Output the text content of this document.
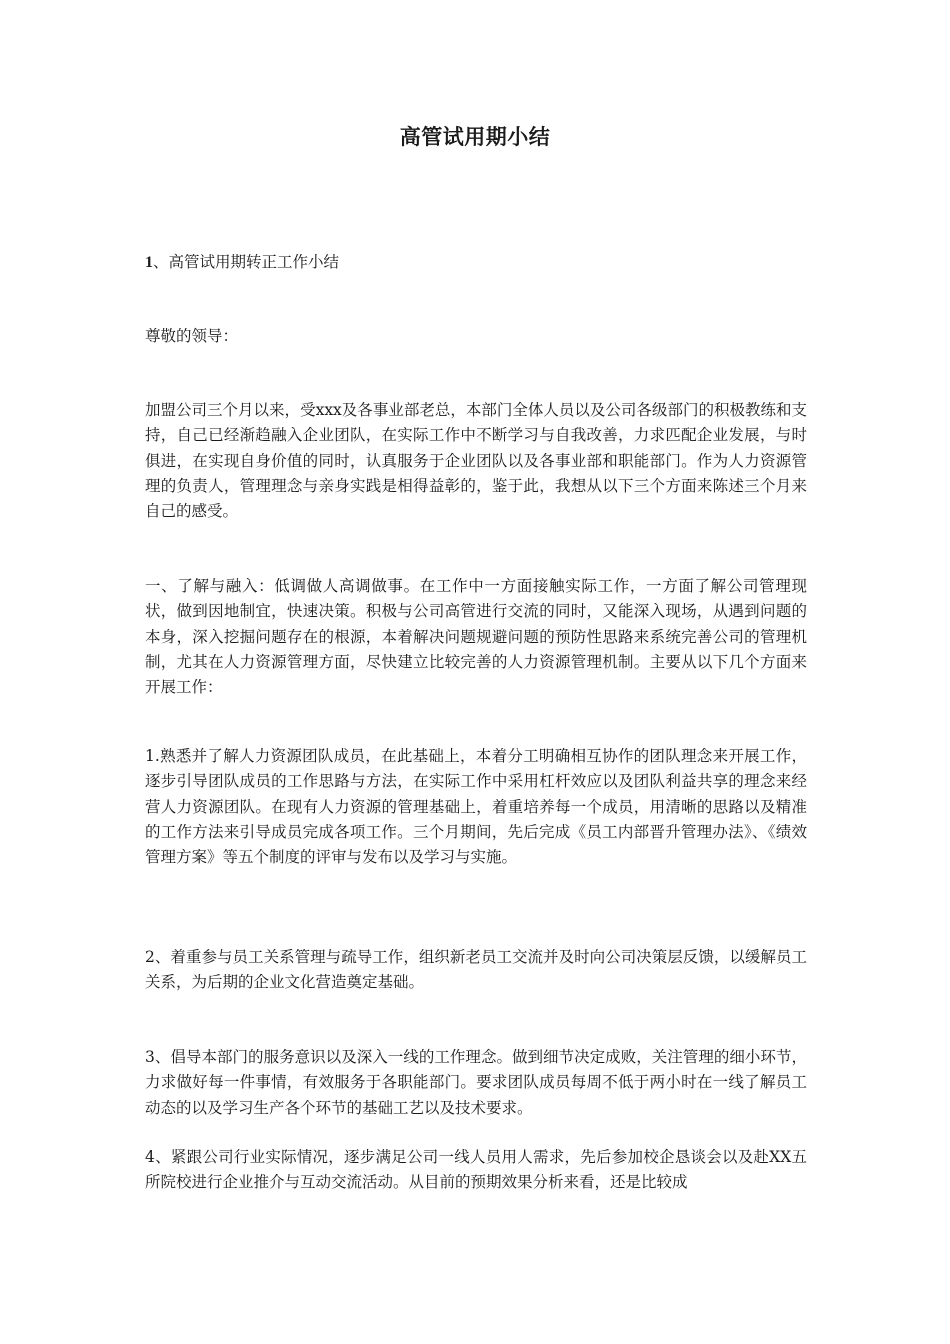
高管试用期小结
1、高管试用期转正工作小结
尊敬的领导：
加盟公司三个月以来，受xxx及各事业部老总，本部门全体人员以及公司各级部门的积极教练和支持，自己已经渐趋融入企业团队，在实际工作中不断学习与自我改善，力求匹配企业发展，与时俱进，在实现自身价值的同时，认真服务于企业团队以及各事业部和职能部门。作为人力资源管理的负责人，管理理念与亲身实践是相得益彰的，鉴于此，我想从以下三个方面来陈述三个月来自己的感受。
一、了解与融入：低调做人高调做事。在工作中一方面接触实际工作，一方面了解公司管理现状，做到因地制宜，快速决策。积极与公司高管进行交流的同时，又能深入现场，从遇到问题的本身，深入挖掘问题存在的根源，本着解决问题规避问题的预防性思路来系统完善公司的管理机制，尤其在人力资源管理方面，尽快建立比较完善的人力资源管理机制。主要从以下几个方面来开展工作：
1.熟悉并了解人力资源团队成员，在此基础上，本着分工明确相互协作的团队理念来开展工作，逐步引导团队成员的工作思路与方法，在实际工作中采用杠杆效应以及团队利益共享的理念来经营人力资源团队。在现有人力资源的管理基础上，着重培养每一个成员，用清晰的思路以及精准的工作方法来引导成员完成各项工作。三个月期间，先后完成《员工内部晋升管理办法》、《绩效管理方案》等五个制度的评审与发布以及学习与实施。
2、着重参与员工关系管理与疏导工作，组织新老员工交流并及时向公司决策层反馈，以缓解员工关系，为后期的企业文化营造奠定基础。
3、倡导本部门的服务意识以及深入一线的工作理念。做到细节决定成败，关注管理的细小环节，力求做好每一件事情，有效服务于各职能部门。要求团队成员每周不低于两小时在一线了解员工动态的以及学习生产各个环节的基础工艺以及技术要求。
4、紧跟公司行业实际情况，逐步满足公司一线人员用人需求，先后参加校企恳谈会以及赴XX五所院校进行企业推介与互动交流活动。从目前的预期效果分析来看，还是比较成
